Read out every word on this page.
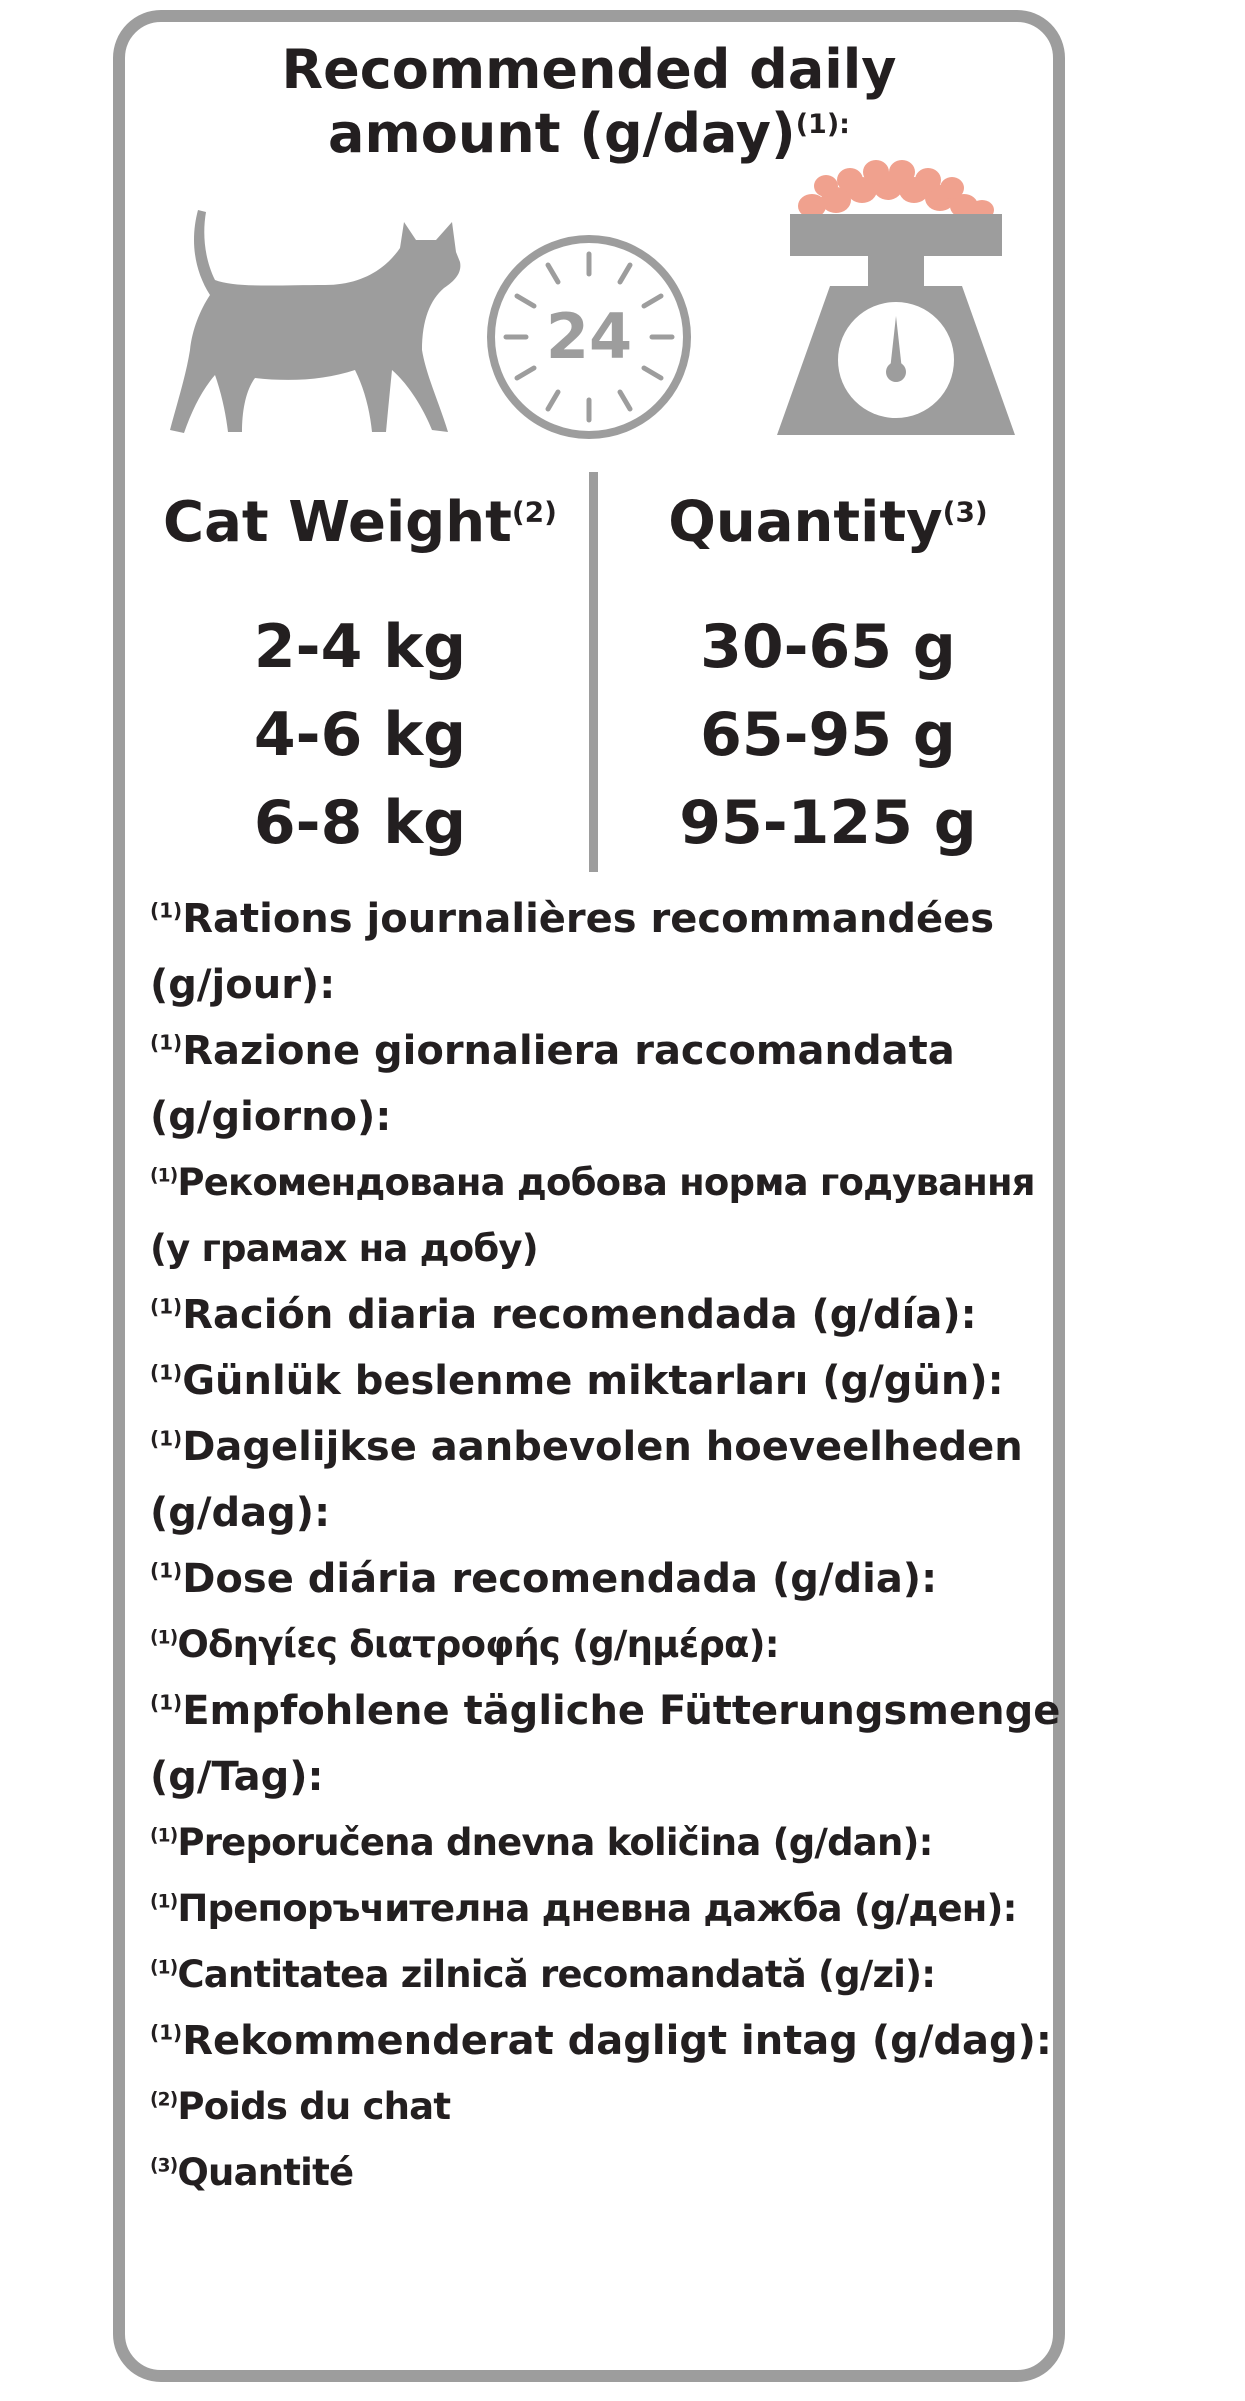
Recommended daily
amount $(g/day)^{(1):}$
24
Cat Weight$^{(2)}$	Quantity$^{(3)}$
2-4 kg
4-6 kg
6-8 kg
30-65 g
65-95 g
95-125 g
$^{(1)}$Rations journalières recommandées
(g/jour):
$^{(1)}$Razione giornaliera raccomandata
(g/giorno):
$^{(1)}$Рекомендована добова норма годування
(у грамах на добу)
$^{(1)}$Ración diaria recomendada (g/día):
$^{(1)}$Günlük beslenme miktarları (g/gün):
$^{(1)}$Dagelijkse aanbevolen hoeveelheden
(g/dag):
$^{(1)}$Dose diária recomendada (g/dia):
$^{(1)}$Οδηγίες διατροφής (g/ημέρα):
$^{(1)}$Empfohlene tägliche Fütterungsmenge
(g/Tag):
$^{(1)}$Preporučena dnevna količina (g/dan):
$^{(1)}$Препоръчителна дневна дажба (g/ден):
$^{(1)}$Cantitatea zilnică recomandată (g/zi):
$^{(1)}$Rekommenderat dagligt intag (g/dag):
$^{(2)}$Poids du chat
$^{(3)}$Quantité
